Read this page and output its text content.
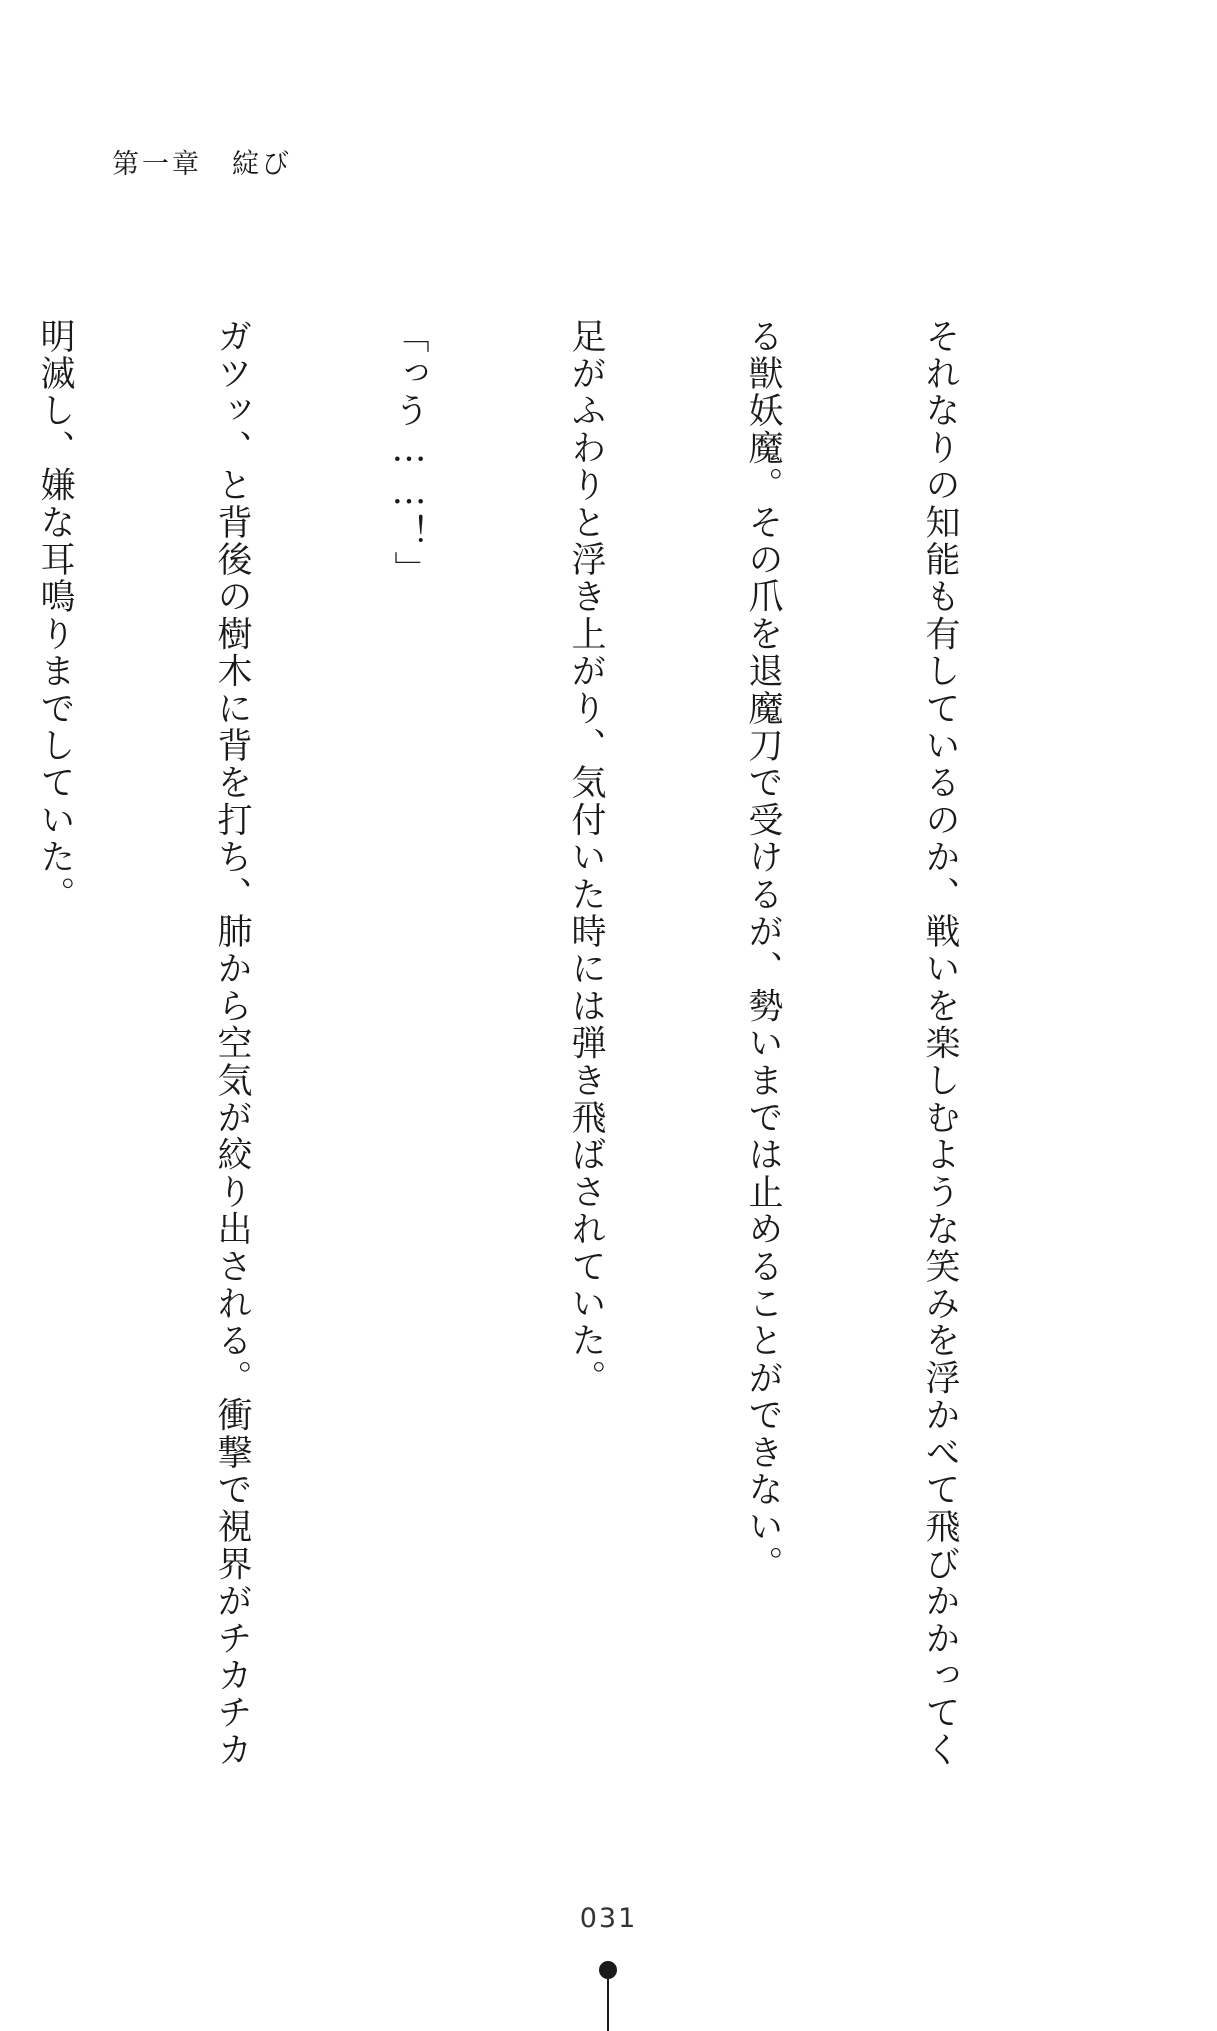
第一章　綻び

それなりの知能も有しているのか、戦いを楽しむような笑みを浮かべて飛びかかってく

る獣妖魔。その爪を退魔刀で受けるが、勢いまでは止めることができない。

足がふわりと浮き上がり、気付いた時には弾き飛ばされていた。

「っう……！」

ガツッ、と背後の樹木に背を打ち、肺から空気が絞り出される。衝撃で視界がチカチカ

明滅し、嫌な耳鳴りまでしていた。

031
